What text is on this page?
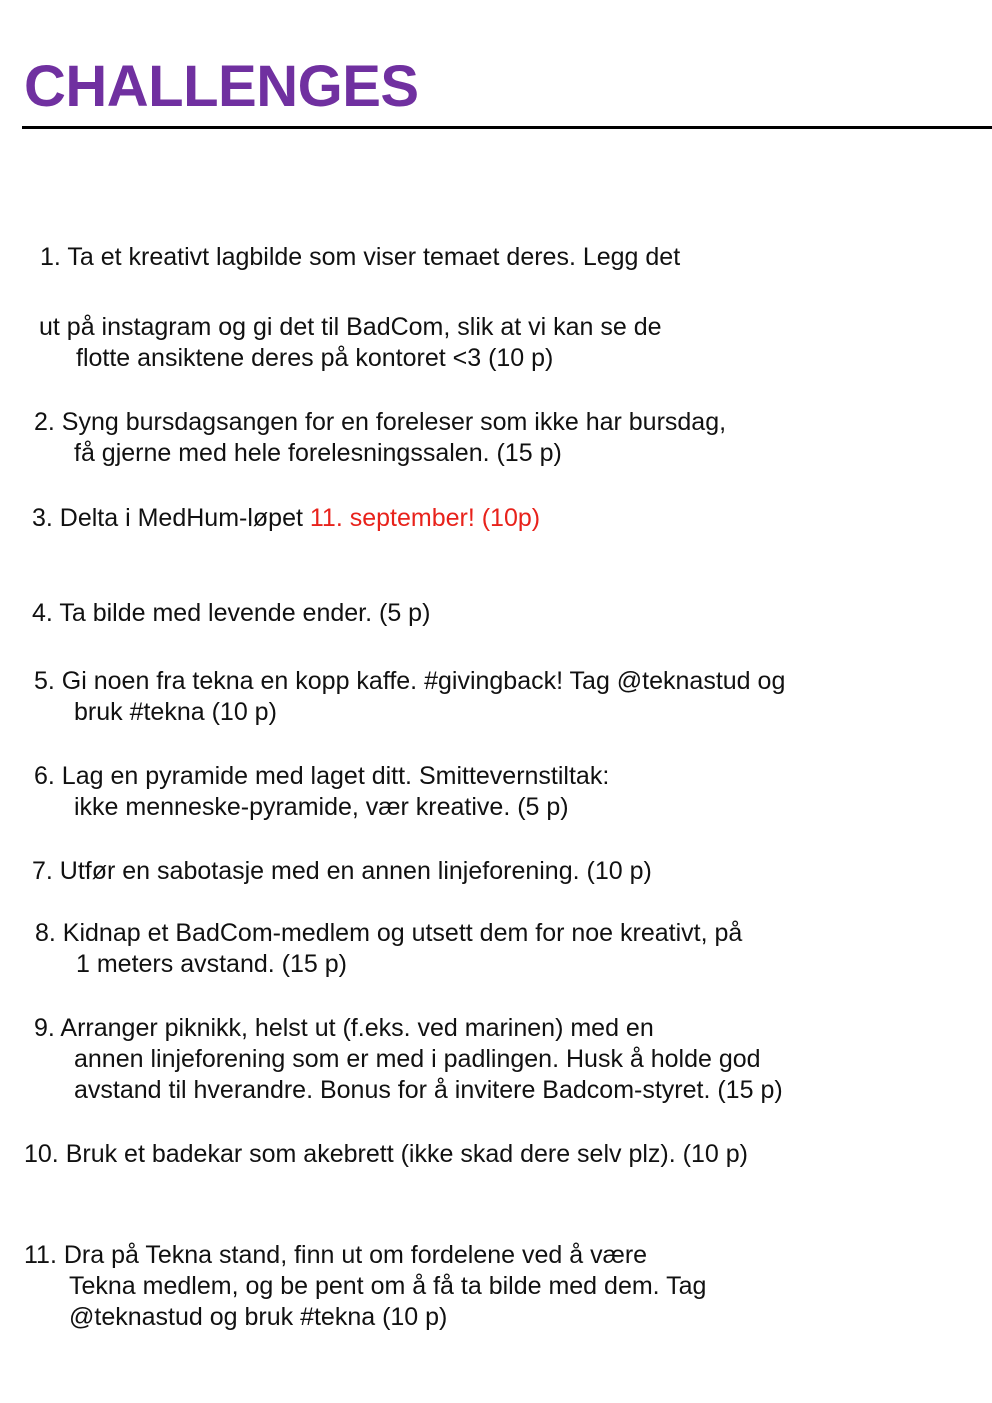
CHALLENGES

1. Ta et kreativt lagbilde som viser temaet deres. Legg det

ut på instagram og gi det til BadCom, slik at vi kan se de

flotte ansiktene deres på kontoret <3 (10 p)

2. Syng bursdagsangen for en foreleser som ikke har bursdag,

få gjerne med hele forelesningssalen. (15 p)

3. Delta i MedHum-løpet 11. september! (10p)

4. Ta bilde med levende ender. (5 p)

5. Gi noen fra tekna en kopp kaffe. #givingback! Tag @teknastud og

bruk #tekna (10 p)

6. Lag en pyramide med laget ditt. Smittevernstiltak:

ikke menneske-pyramide, vær kreative. (5 p)

7. Utfør en sabotasje med en annen linjeforening. (10 p)

8. Kidnap et BadCom-medlem og utsett dem for noe kreativt, på

1 meters avstand. (15 p)

9. Arranger piknikk, helst ut (f.eks. ved marinen) med en

annen linjeforening som er med i padlingen. Husk å holde god

avstand til hverandre. Bonus for å invitere Badcom-styret. (15 p)

10. Bruk et badekar som akebrett (ikke skad dere selv plz). (10 p)

11. Dra på Tekna stand, finn ut om fordelene ved å være

Tekna medlem, og be pent om å få ta bilde med dem. Tag

@teknastud og bruk #tekna (10 p)
